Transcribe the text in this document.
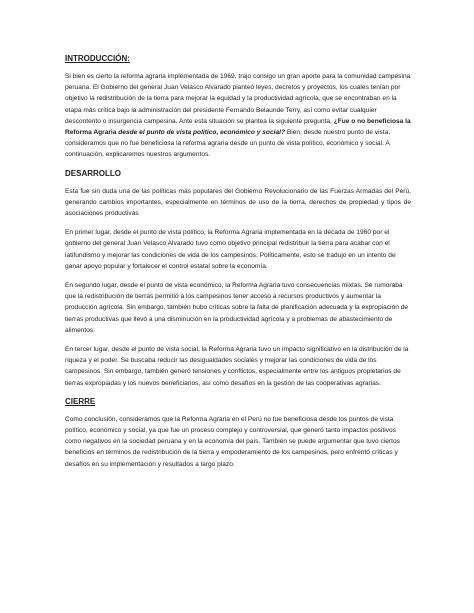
INTRODUCCIÓN:

Si bien es cierto la reforma agraria implementada de 1969, trajo consigo un gran aporte para la comunidad campesina peruana. El Gobierno del general Juan Velasco Alvarado planteó leyes, decretos y proyectos, los cuales tenían por objetivo la redistribución de la tierra para mejorar la equidad y la productividad agrícola, que se encontraban en la etapa más crítica bajo la administración del presidente Fernando Belaunde Terry, así como evitar cualquier descontento o insurgencia campesina. Ante esta situación se plantea la siguiente pregunta, ¿Fue o no beneficiosa la Reforma Agraria desde el punto de vista político, económico y social? Bien, desde nuestro punto de vista, consideramos que no fue beneficiosa la reforma agraria desde un punto de vista político, económico y social. A continuación, explicaremos nuestros argumentos.

DESARROLLO

Esta fue sin duda una de las políticas más populares del Gobierno Revolucionario de las Fuerzas Armadas del Perú, generando cambios importantes, especialmente en términos de uso de la tierra, derechos de propiedad y tipos de asociaciones productivas

En primer lugar, desde el punto de vista político, la Reforma Agraria implementada en la década de 1960 por el gobierno del general Juan Velasco Alvarado tuvo como objetivo principal redistribuir la tierra para acabar con el latifundismo y mejorar las condiciones de vida de los campesinos. Políticamente, esto se tradujo en un intento de ganar apoyo popular y fortalecer el control estatal sobre la economía.

En segundo lugar, desde el punto de vista económico, la Reforma Agraria tuvo consecuencias mixtas. Se rumoraba que la redistribución de tierras permitió a los campesinos tener acceso a recursos productivos y aumentar la producción agrícola. Sin embargo, también hubo críticas sobre la falta de planificación adecuada y la expropiación de tierras productivas que llevó a una disminución en la productividad agrícola y a problemas de abastecimiento de alimentos.

En tercer lugar, desde el punto de vista social, la Reforma Agraria tuvo un impacto significativo en la distribución de la riqueza y el poder. Se buscaba reducir las desigualdades sociales y mejorar las condiciones de vida de los campesinos. Sin embargo, también generó tensiones y conflictos, especialmente entre los antiguos propietarios de tierras expropiadas y los nuevos beneficiarios, así como desafíos en la gestión de las cooperativas agrarias.

CIERRE

Como conclusión, consideramos que la Reforma Agraria en el Perú no fue beneficiosa desde los puntos de vista político, económico y social, ya que fue un proceso complejo y controversial, que generó tanto impactos positivos como negativos en la sociedad peruana y en la economía del país. También se puede argumentar que tuvo ciertos beneficios en términos de redistribución de la tierra y empoderamiento de los campesinos, pero enfrentó críticas y desafíos en su implementación y resultados a largo plazo.
